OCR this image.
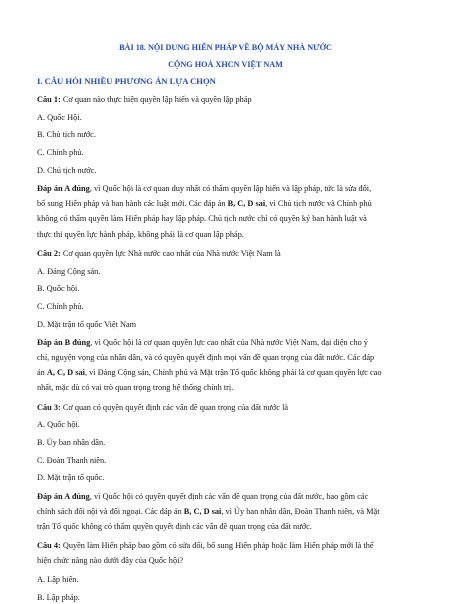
BÀI 18. NỘI DUNG HIẾN PHÁP VỀ BỘ MÁY NHÀ NƯỚC
CỘNG HOÀ XHCN VIỆT NAM
I. CÂU HỎI NHIỀU PHƯƠNG ÁN LỰA CHỌN
Câu 1: Cơ quan nào thực hiện quyền lập hiến và quyền lập pháp
A. Quốc Hội.
B. Chủ tịch nước.
C. Chính phủ.
D. Chủ tịch nước.
Đáp án A đúng, vì Quốc hội là cơ quan duy nhất có thẩm quyền lập hiến và lập pháp, tức là sửa đổi,
bổ sung Hiến pháp và ban hành các luật mới. Các đáp án B, C, D sai, vì Chủ tịch nước và Chính phủ
không có thẩm quyền làm Hiến pháp hay lập pháp. Chủ tịch nước chỉ có quyền ký ban hành luật và
thực thi quyền lực hành pháp, không phải là cơ quan lập pháp.
Câu 2: Cơ quan quyền lực Nhà nước cao nhất của Nhà nước Việt Nam là
A. Đảng Cộng sản.
B. Quốc hội.
C. Chính phủ.
D. Mặt trận tổ quốc Việt Nam
Đáp án B đúng, vì Quốc hội là cơ quan quyền lực cao nhất của Nhà nước Việt Nam, đại diện cho ý
chí, nguyện vọng của nhân dân, và có quyền quyết định mọi vấn đề quan trọng của đất nước. Các đáp
án A, C, D sai, vì Đảng Cộng sản, Chính phủ và Mặt trận Tổ quốc không phải là cơ quan quyền lực cao
nhất, mặc dù có vai trò quan trọng trong hệ thống chính trị.
Câu 3: Cơ quan có quyền quyết định các vấn đề quan trọng của đất nước là
A. Quốc hội.
B. Ủy ban nhân dân.
C. Đoàn Thanh niên.
D. Mặt trận tổ quốc.
Đáp án A đúng, vì Quốc hội có quyền quyết định các vấn đề quan trọng của đất nước, bao gồm các
chính sách đối nội và đối ngoại. Các đáp án B, C, D sai, vì Ủy ban nhân dân, Đoàn Thanh niên, và Mặt
trận Tổ quốc không có thẩm quyền quyết định các vấn đề quan trọng của đất nước.
Câu 4: Quyền làm Hiến pháp bao gồm có sửa đổi, bổ sung Hiến pháp hoặc làm Hiến pháp mới là thể
hiện chức năng nào dưới đây của Quốc hội?
A. Lập hiến.
B. Lập pháp.
